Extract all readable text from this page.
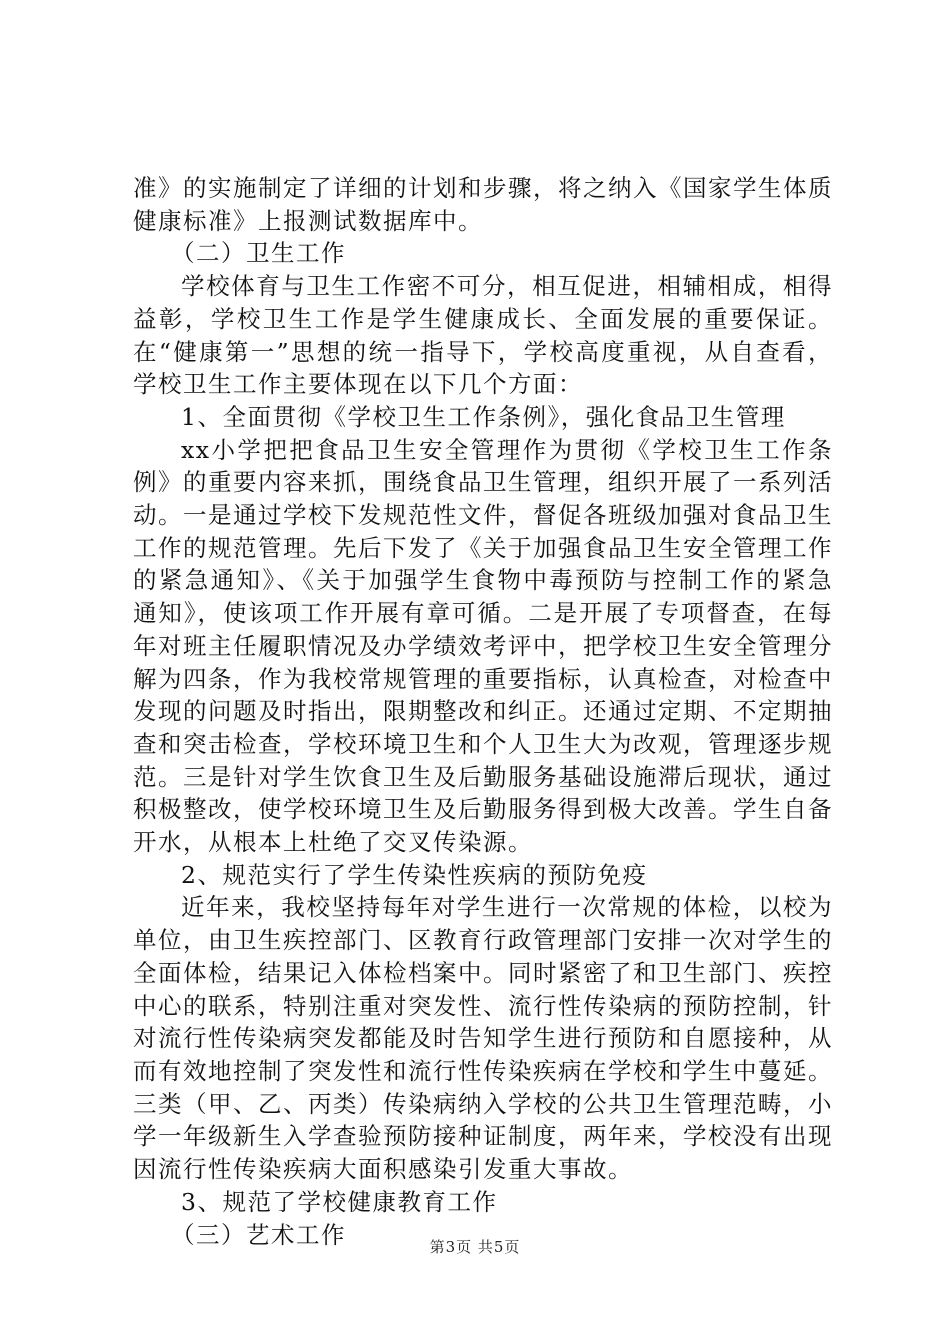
准》的实施制定了详细的计划和步骤，将之纳入《国家学生体质健康标准》上报测试数据库中。

（二）卫生工作

学校体育与卫生工作密不可分，相互促进，相辅相成，相得益彰，学校卫生工作是学生健康成长、全面发展的重要保证。在“健康第一”思想的统一指导下，学校高度重视，从自查看，学校卫生工作主要体现在以下几个方面：

1、全面贯彻《学校卫生工作条例》，强化食品卫生管理

xx小学把把食品卫生安全管理作为贯彻《学校卫生工作条例》的重要内容来抓，围绕食品卫生管理，组织开展了一系列活动。一是通过学校下发规范性文件，督促各班级加强对食品卫生工作的规范管理。先后下发了《关于加强食品卫生安全管理工作的紧急通知》、《关于加强学生食物中毒预防与控制工作的紧急通知》，使该项工作开展有章可循。二是开展了专项督查，在每年对班主任履职情况及办学绩效考评中，把学校卫生安全管理分解为四条，作为我校常规管理的重要指标，认真检查，对检查中发现的问题及时指出，限期整改和纠正。还通过定期、不定期抽查和突击检查，学校环境卫生和个人卫生大为改观，管理逐步规范。三是针对学生饮食卫生及后勤服务基础设施滞后现状，通过积极整改，使学校环境卫生及后勤服务得到极大改善。学生自备开水，从根本上杜绝了交叉传染源。

2、规范实行了学生传染性疾病的预防免疫

近年来，我校坚持每年对学生进行一次常规的体检，以校为单位，由卫生疾控部门、区教育行政管理部门安排一次对学生的全面体检，结果记入体检档案中。同时紧密了和卫生部门、疾控中心的联系，特别注重对突发性、流行性传染病的预防控制，针对流行性传染病突发都能及时告知学生进行预防和自愿接种，从而有效地控制了突发性和流行性传染疾病在学校和学生中蔓延。三类（甲、乙、丙类）传染病纳入学校的公共卫生管理范畴，小学一年级新生入学查验预防接种证制度，两年来，学校没有出现因流行性传染疾病大面积感染引发重大事故。

3、规范了学校健康教育工作

（三）艺术工作	第3页 共5页
